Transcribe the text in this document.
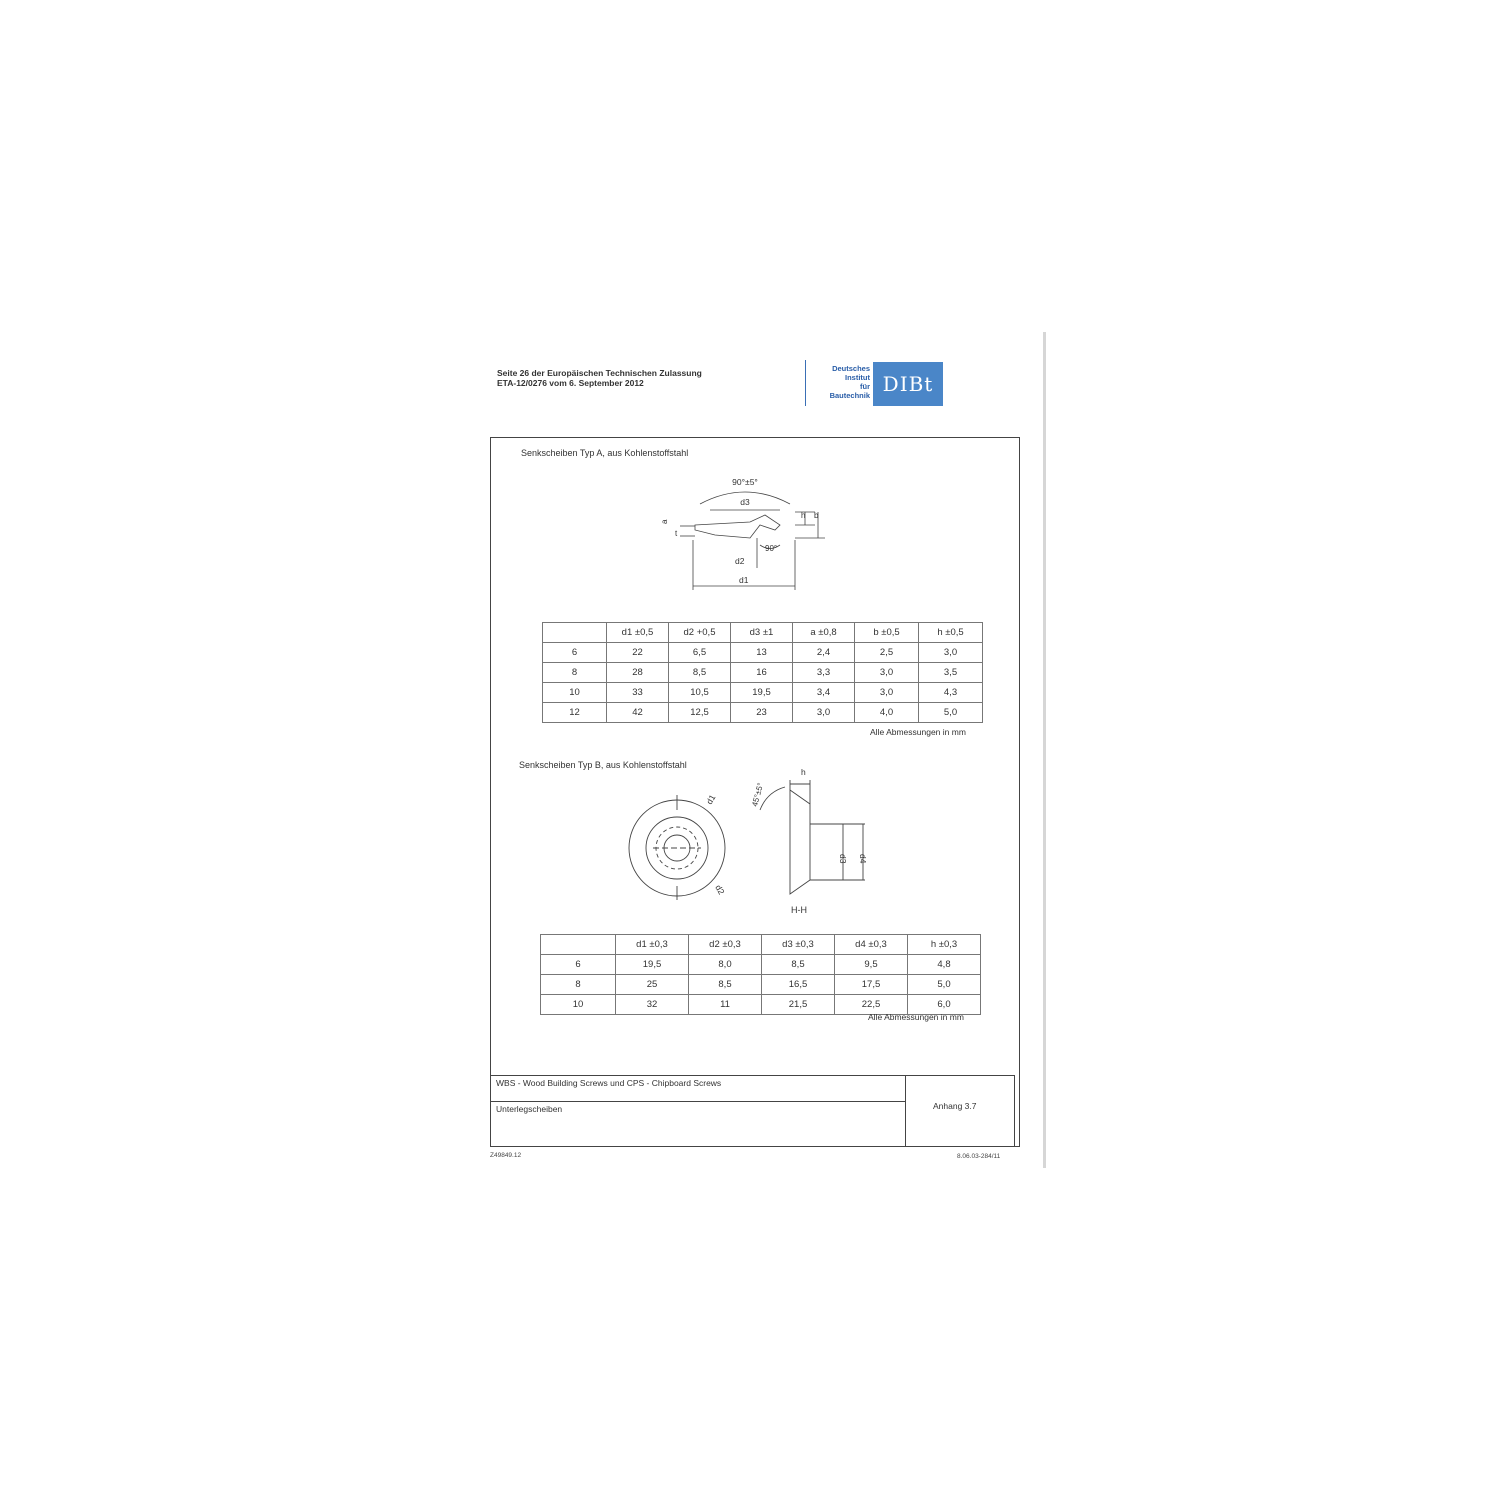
Seite 26 der Europäischen Technischen Zulassung
ETA-12/0276 vom 6. September 2012
Deutsches
Institut
für
Bautechnik DIBt
Senkscheiben Typ A, aus Kohlenstoffstahl
90°±5°
d3
a
t
h b
90°
d2
d1
	d1 ±0,5	d2 +0,5	d3 ±1	a ±0,8	b ±0,5	h ±0,5
6	22	6,5	13	2,4	2,5	3,0
8	28	8,5	16	3,3	3,0	3,5
10	33	10,5	19,5	3,4	3,0	4,3
12	42	12,5	23	3,0	4,0	5,0
Alle Abmessungen in mm
Senkscheiben Typ B, aus Kohlenstoffstahl
d1
d2
h
45°±5°
d3 d4
H-H
	d1 ±0,3	d2 ±0,3	d3 ±0,3	d4 ±0,3	h ±0,3
6	19,5	8,0	8,5	9,5	4,8
8	25	8,5	16,5	17,5	5,0
10	32	11	21,5	22,5	6,0
Alle Abmessungen in mm
WBS - Wood Building Screws und CPS - Chipboard Screws
Unterlegscheiben	Anhang 3.7
Z49849.12	8.06.03-284/11
